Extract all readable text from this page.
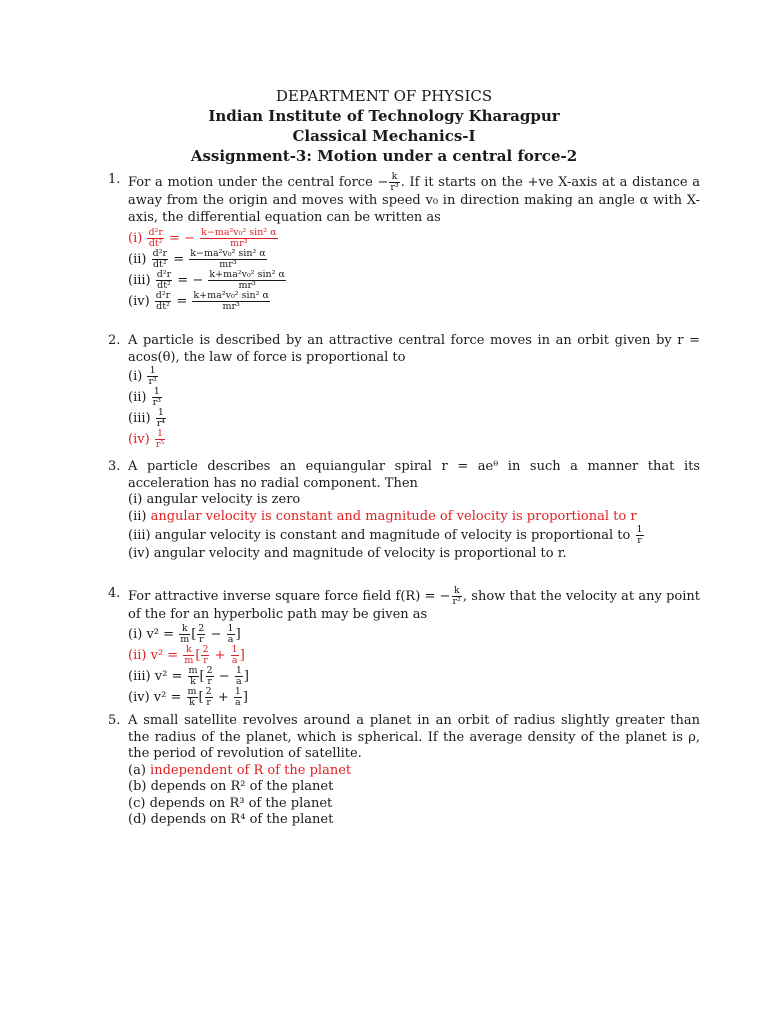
DEPARTMENT OF PHYSICS
Indian Institute of Technology Kharagpur
Classical Mechanics-I
Assignment-3: Motion under a central force-2
1. For a motion under the central force − $\frac{k}{\text{r³}}$ . If it starts on the +ve X-axis at a distance a away from the origin and moves with speed v₀ in direction making an angle α with X-axis, the differential equation can be written as
$(i) \frac{\text{d²r}}{\text{dt²}}$ = − $\frac{\text{k−ma²v₀² sin² α}}{\text{mr³}}$
$(ii) \frac{\text{d²r}}{\text{dt²}} = \frac{\text{k−ma²v₀² sin² α}}{\text{mr³}}$
$(iii) \frac{\text{d²r}}{\text{dt²}}$ = − $\frac{\text{k+ma²v₀² sin² α}}{\text{mr³}}$
$(iv) \frac{\text{d²r}}{\text{dt²}} = \frac{\text{k+ma²v₀² sin² α}}{\text{mr³}}$
2. A particle is described by an attractive central force moves in an orbit given by r = acos(θ), the law of force is proportional to
$(i) \frac{1}{\text{r²}}$
$(ii) \frac{1}{\text{r³}}$
$(iii) \frac{1}{\text{r⁴}}$
$(iv) \frac{1}{\text{r⁵}}$
3. A particle describes an equiangular spiral r = aeᶿ in such a manner that its acceleration has no radial component. Then
(i) angular velocity is zero
(ii) angular velocity is constant and magnitude of velocity is proportional to r
(iii) angular velocity is constant and magnitude of velocity is proportional to $\frac{1}{r}$
(iv) angular velocity and magnitude of velocity is proportional to r.
4. For attractive inverse square force field f(R) = − $\frac{k}{\text{r²}}$ , show that the velocity at any point of the for an hyperbolic path may be given as
(i) $v^2 = \frac{k}{m}$ [ $\frac{2}{r} - \frac{1}{a}$ ]
(ii) $v^2 = \frac{k}{m}$ [ $\frac{2}{r} + \frac{1}{a}$ ]
(iii) $v^2 = \frac{m}{k}$ [ $\frac{2}{r} - \frac{1}{a}$ ]
(iv) $v^2 = \frac{m}{k}$ [ $\frac{2}{r} + \frac{1}{a}$ ]
5. A small satellite revolves around a planet in an orbit of radius slightly greater than the radius of the planet, which is spherical. If the average density of the planet is ρ, the period of revolution of satellite.
(a) independent of R of the planet
(b) depends on R² of the planet
(c) depends on R³ of the planet
(d) depends on R⁴ of the planet
